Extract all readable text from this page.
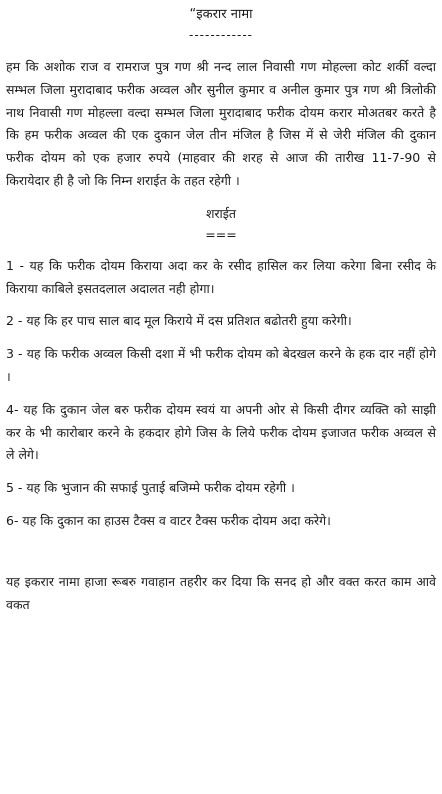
“इकरार नामा

------------

हम कि अशोक राज व रामराज पुत्र गण श्री नन्द लाल निवासी गण मोहल्ला कोट शर्की वल्दा सम्भल जिला मुरादाबाद फरीक अव्वल और सुनील कुमार व अनील कुमार पुत्र गण श्री त्रिलोकी नाथ निवासी गण मोहल्ला वल्दा सम्भल जिला मुरादाबाद फरीक दोयम करार मोअतबर करते है कि हम फरीक अव्वल की एक दुकान जेल तीन मंजिल है जिस में से जेरी मंजिल की दुकान फरीक दोयम को एक हजार रुपये (माहवार की शरह से आज की तारीख 11-7-90 से किरायेदार ही है जो कि निम्न शराईत के तहत रहेगी ।

शराईत

===

1 - यह कि फरीक दोयम किराया अदा कर के रसीद हासिल कर लिया करेगा बिना रसीद के किराया काबिले इसतदलाल अदालत नही होगा।

2 - यह कि हर पाच साल बाद मूल किराये में दस प्रतिशत बढोतरी हुया करेगी।

3 - यह कि फरीक अव्वल किसी दशा में भी फरीक दोयम को बेदखल करने के हक दार नहीं होगे ।

4- यह कि दुकान जेल बरु फरीक दोयम स्वयं या अपनी ओर से किसी दीगर व्यक्ति को साझी कर के भी कारोबार करने के हकदार होगे जिस के लिये फरीक दोयम इजाजत फरीक अव्वल से ले लेगे।

5 - यह कि भुजान की सफाई पुताई बजिम्मे फरीक दोयम रहेगी ।

6- यह कि दुकान का हाउस टैक्स व वाटर टैक्स फरीक दोयम अदा करेगे।

यह इकरार नामा हाजा रूबरु गवाहान तहरीर कर दिया कि सनद हो और वक्त करत काम आवे वकत
